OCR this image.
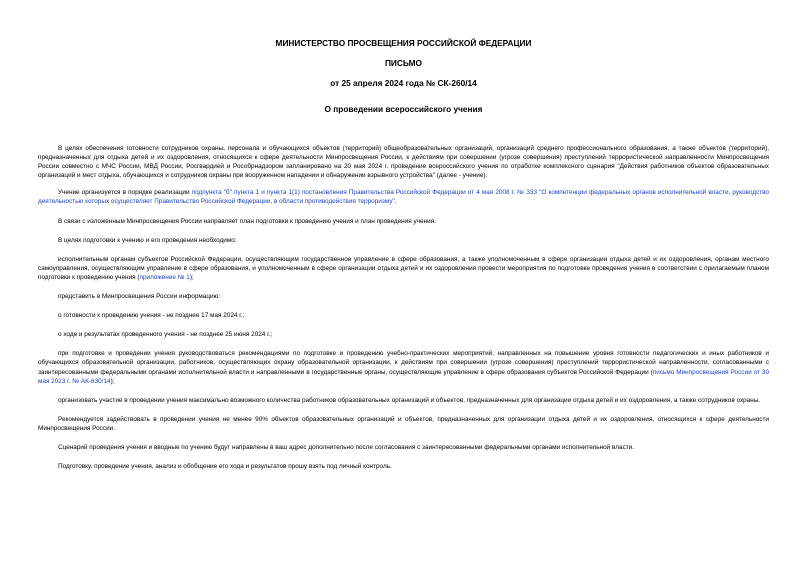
МИНИСТЕРСТВО ПРОСВЕЩЕНИЯ РОССИЙСКОЙ ФЕДЕРАЦИИ
ПИСЬМО
от 25 апреля 2024 года № СК-260/14
О проведении всероссийского учения

В целях обеспечения готовности сотрудников охраны, персонала и обучающихся объектов (территорий) общеобразовательных организаций, организаций среднего профессионального образования, а также объектов (территорий), предназначенных для отдыха детей и их оздоровления, относящихся к сфере деятельности Минпросвещения России, к действиям при совершении (угрозе совершения) преступлений террористической направленности Минпросвещения России совместно с МЧС России, МВД России, Росгвардией и Рособрнадзором запланировано на 20 мая 2024 г. проведение всероссийского учения по отработке комплексного сценария "Действия работников объектов образовательных организаций и мест отдыха, обучающихся и сотрудников охраны при вооруженном нападении и обнаружении взрывного устройства" (далее - учение).

Учение организуется в порядке реализации подпункта "б" пункта 1 и пункта 1(1) постановления Правительства Российской Федерации от 4 мая 2008 г. № 333 "О компетенции федеральных органов исполнительной власти, руководство деятельностью которых осуществляет Правительство Российской Федерации, в области противодействия терроризму".

В связи с изложенным Минпросвещения России направляет план подготовки к проведению учения и план проведения учения.

В целях подготовки к учению и его проведения необходимо:

исполнительным органам субъектов Российской Федерации, осуществляющим государственное управление в сфере образования, а также уполномоченным в сфере организации отдыха детей и их оздоровления, органам местного самоуправления, осуществляющим управление в сфере образования, и уполномоченным в сфере организации отдыха детей и их оздоровления провести мероприятия по подготовке проведения учения в соответствии с прилагаемым планом подготовки к проведению учения (приложение № 1);

представить в Минпросвещения России информацию:

о готовности к проведению учения - не позднее 17 мая 2024 г.;

о ходе и результатах проведенного учения - не позднее 25 июня 2024 г.;

при подготовке и проведении учения руководствоваться рекомендациями по подготовке и проведению учебно-практических мероприятий, направленных на повышение уровня готовности педагогических и иных работников и обучающихся образовательной организации, работников, осуществляющих охрану образовательной организации, к действиям при совершении (угрозе совершения) преступлений террористической направленности, согласованными с заинтересованными федеральными органами исполнительной власти и направленными в государственные органы, осуществляющие управление в сфере образования субъектов Российской Федерации (письмо Минпросвещения России от 30 мая 2023 г. № АК-630/14);

организовать участие в проведении учения максимально возможного количества работников образовательных организаций и объектов, предназначенных для организации отдыха детей и их оздоровления, а также сотрудников охраны.

Рекомендуется задействовать в проведении учения не менее 90% объектов образовательных организаций и объектов, предназначенных для организации отдыха детей и их оздоровления, относящихся к сфере деятельности Минпросвещения России.

Сценарий проведения учения и вводные по учению будут направлены в ваш адрес дополнительно после согласования с заинтересованными федеральными органами исполнительной власти.

Подготовку, проведение учения, анализ и обобщение его хода и результатов прошу взять под личный контроль.
